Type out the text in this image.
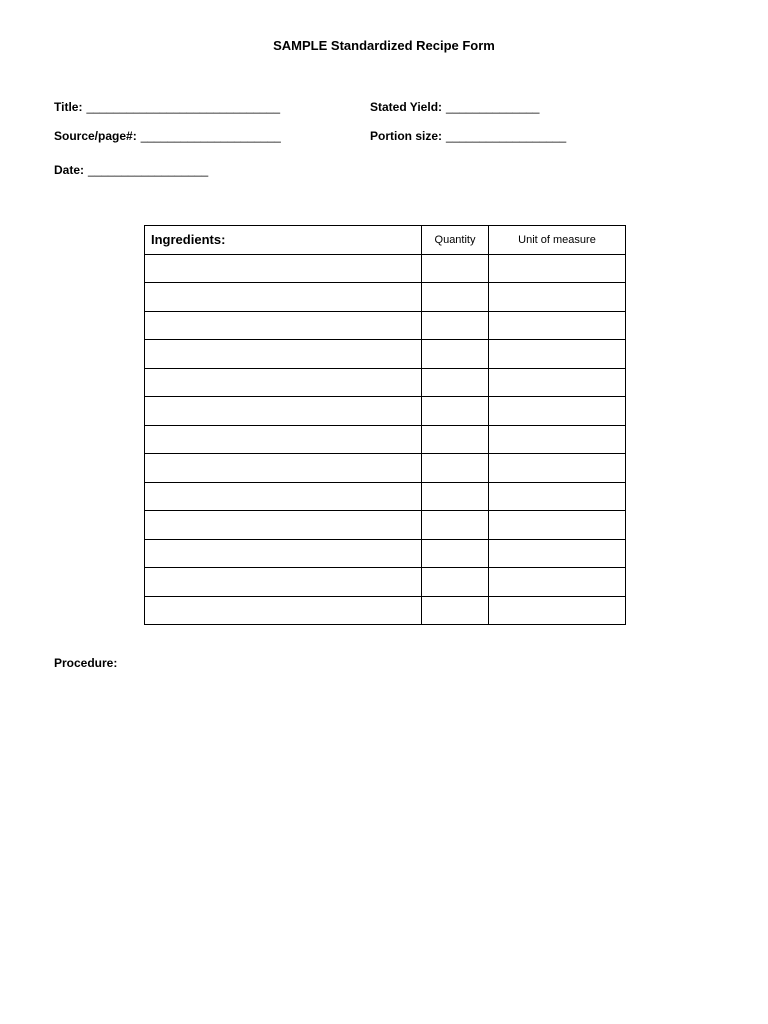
SAMPLE Standardized Recipe Form
Title: _____________________________	Stated Yield: ______________
Source/page#: _____________________	Portion size: __________________
Date: __________________
Ingredients:	Quantity	Unit of measure

Procedure:
